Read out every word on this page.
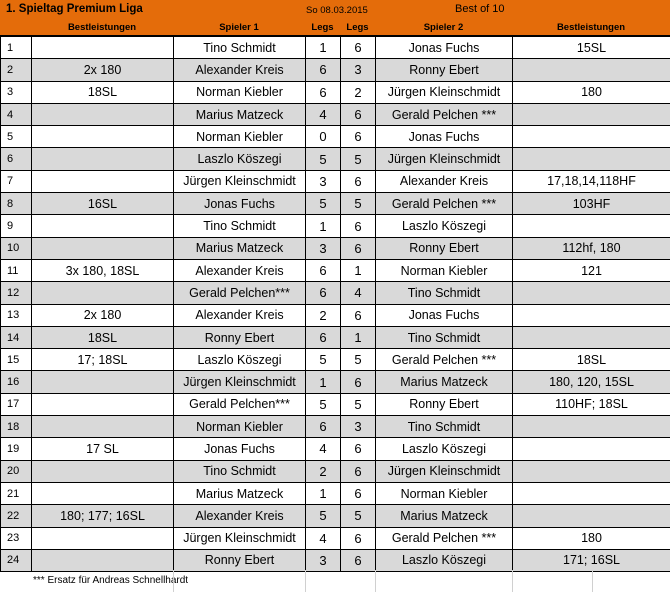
1. Spieltag Premium Liga	So 08.03.2015	Best of 10
Bestleistungen	Spieler 1	Legs	Legs	Spieler 2	Bestleistungen
1		Tino Schmidt	1	6	Jonas Fuchs	15SL
2	2x 180	Alexander Kreis	6	3	Ronny Ebert	
3	18SL	Norman Kiebler	6	2	Jürgen Kleinschmidt	180
4		Marius Matzeck	4	6	Gerald Pelchen ***	
5		Norman Kiebler	0	6	Jonas Fuchs	
6		Laszlo Köszegi	5	5	Jürgen Kleinschmidt	
7		Jürgen Kleinschmidt	3	6	Alexander Kreis	17,18,14,118HF
8	16SL	Jonas Fuchs	5	5	Gerald Pelchen ***	103HF
9		Tino Schmidt	1	6	Laszlo Köszegi	
10		Marius Matzeck	3	6	Ronny Ebert	112hf, 180
11	3x 180, 18SL	Alexander Kreis	6	1	Norman Kiebler	121
12		Gerald Pelchen***	6	4	Tino Schmidt	
13	2x 180	Alexander Kreis	2	6	Jonas Fuchs	
14	18SL	Ronny Ebert	6	1	Tino Schmidt	
15	17; 18SL	Laszlo Köszegi	5	5	Gerald Pelchen ***	18SL
16		Jürgen Kleinschmidt	1	6	Marius Matzeck	180, 120, 15SL
17		Gerald Pelchen***	5	5	Ronny Ebert	110HF; 18SL
18		Norman Kiebler	6	3	Tino Schmidt	
19	17 SL	Jonas Fuchs	4	6	Laszlo Köszegi	
20		Tino Schmidt	2	6	Jürgen Kleinschmidt	
21		Marius Matzeck	1	6	Norman Kiebler	
22	180; 177; 16SL	Alexander Kreis	5	5	Marius Matzeck	
23		Jürgen Kleinschmidt	4	6	Gerald Pelchen ***	180
24		Ronny Ebert	3	6	Laszlo Köszegi	171; 16SL
*** Ersatz für Andreas Schnellhardt
